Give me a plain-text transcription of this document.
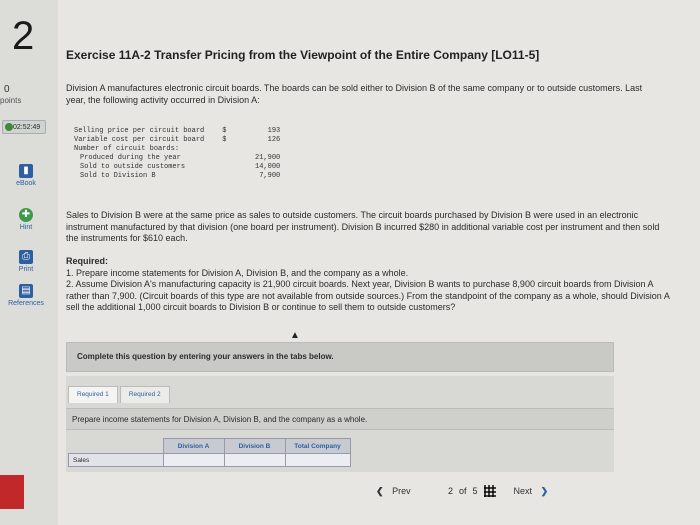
2
0
points
02:52:49
▮
eBook
✚
Hint
⎙
Print
▤
References
Exercise 11A-2 Transfer Pricing from the Viewpoint of the Entire Company [LO11-5]
Division A manufactures electronic circuit boards. The boards can be sold either to Division B of the same company or to outside customers. Last year, the following activity occurred in Division A:
Selling price per circuit board	$	193
Variable cost per circuit board	$	126
Number of circuit boards:		
Produced during the year		21,900
Sold to outside customers		14,000
Sold to Division B		7,900
Sales to Division B were at the same price as sales to outside customers. The circuit boards purchased by Division B were used in an electronic instrument manufactured by that division (one board per instrument). Division B incurred $280 in additional variable cost per instrument and then sold the instruments for $610 each.
Required:
1. Prepare income statements for Division A, Division B, and the company as a whole.
2. Assume Division A's manufacturing capacity is 21,900 circuit boards. Next year, Division B wants to purchase 8,900 circuit boards from Division A rather than 7,900. (Circuit boards of this type are not available from outside sources.) From the standpoint of the company as a whole, should Division A sell the additional 1,000 circuit boards to Division B or continue to sell them to outside customers?
▲
Complete this question by entering your answers in the tabs below.
Required 1	Required 2
Prepare income statements for Division A, Division B, and the company as a whole.
	Division A	Division B	Total Company
Sales			
❮ Prev	2 of 5	Next ❯
